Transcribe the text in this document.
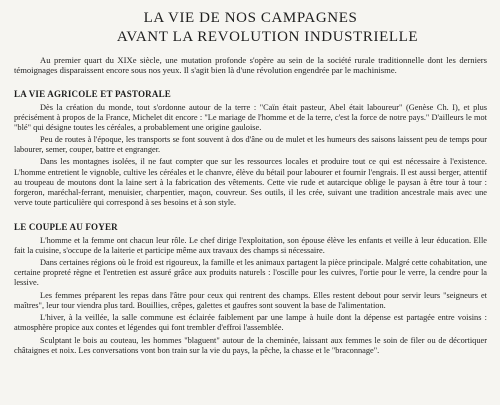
LA VIE DE NOS CAMPAGNES
AVANT LA REVOLUTION INDUSTRIELLE

Au premier quart du XIXe siècle, une mutation profonde s'opère au sein de la société rurale traditionnelle dont les derniers témoignages disparaissent encore sous nos yeux. Il s'agit bien là d'une révolution engendrée par le machinisme.

LA VIE AGRICOLE ET PASTORALE

Dès la création du monde, tout s'ordonne autour de la terre : "Caïn était pasteur, Abel était laboureur" (Genèse Ch. I), et plus précisément à propos de la France, Michelet dit encore : "Le mariage de l'homme et de la terre, c'est la force de notre pays." D'ailleurs le mot "blé" qui désigne toutes les céréales, a probablement une origine gauloise.

Peu de routes à l'époque, les transports se font souvent à dos d'âne ou de mulet et les humeurs des saisons laissent peu de temps pour labourer, semer, couper, battre et engranger.

Dans les montagnes isolées, il ne faut compter que sur les ressources locales et produire tout ce qui est nécessaire à l'existence. L'homme entretient le vignoble, cultive les céréales et le chanvre, élève du bétail pour labourer et fournir l'engrais. Il est aussi berger, attentif au troupeau de moutons dont la laine sert à la fabrication des vêtements. Cette vie rude et autarcique oblige le paysan à être tour à tour : forgeron, maréchal-ferrant, menuisier, charpentier, maçon, couvreur. Ses outils, il les crée, suivant une tradition ancestrale mais avec une verve toute particulière qui correspond à ses besoins et à son style.

LE COUPLE AU FOYER

L'homme et la femme ont chacun leur rôle. Le chef dirige l'exploitation, son épouse élève les enfants et veille à leur éducation. Elle fait la cuisine, s'occupe de la laiterie et participe même aux travaux des champs si nécessaire.

Dans certaines régions où le froid est rigoureux, la famille et les animaux partagent la pièce principale. Malgré cette cohabitation, une certaine propreté règne et l'entretien est assuré grâce aux produits naturels : l'oscille pour les cuivres, l'ortie pour le verre, la cendre pour la lessive.

Les femmes préparent les repas dans l'âtre pour ceux qui rentrent des champs. Elles restent debout pour servir leurs "seigneurs et maîtres", leur tour viendra plus tard. Bouillies, crêpes, galettes et gaufres sont souvent la base de l'alimentation.

L'hiver, à la veillée, la salle commune est éclairée faiblement par une lampe à huile dont la dépense est partagée entre voisins : atmosphère propice aux contes et légendes qui font trembler d'effroi l'assemblée.

Sculptant le bois au couteau, les hommes "blaguent" autour de la cheminée, laissant aux femmes le soin de filer ou de décortiquer châtaignes et noix. Les conversations vont bon train sur la vie du pays, la pêche, la chasse et le "braconnage".
